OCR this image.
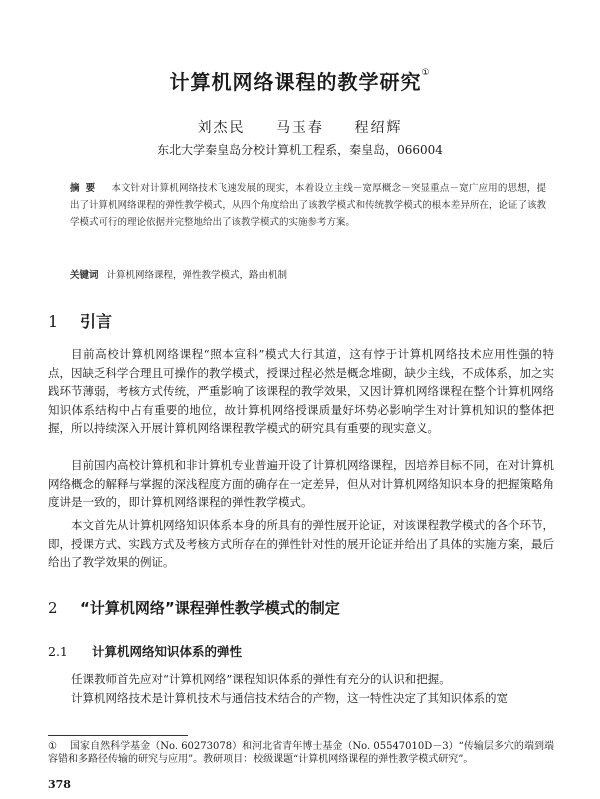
计算机网络课程的教学研究①
刘杰民 马玉春 程绍辉
东北大学秦皇岛分校计算机工程系，秦皇岛，066004
摘要 本文针对计算机网络技术飞速发展的现实，本着设立主线－宽厚概念－突显重点－宽广应用的思想，提出了计算机网络课程的弹性教学模式，从四个角度给出了该教学模式和传统教学模式的根本差异所在，论证了该教学模式可行的理论依据并完整地给出了该教学模式的实施参考方案。
关键词 计算机网络课程，弹性教学模式，路由机制
1 引言
目前高校计算机网络课程“照本宣科”模式大行其道，这有悖于计算机网络技术应用性强的特点，因缺乏科学合理且可操作的教学模式，授课过程必然是概念堆砌，缺少主线，不成体系，加之实践环节薄弱，考核方式传统，严重影响了该课程的教学效果，又因计算机网络课程在整个计算机网络知识体系结构中占有重要的地位，故计算机网络授课质量好坏势必影响学生对计算机知识的整体把握，所以持续深入开展计算机网络课程教学模式的研究具有重要的现实意义。
目前国内高校计算机和非计算机专业普遍开设了计算机网络课程，因培养目标不同，在对计算机网络概念的解释与掌握的深浅程度方面的确存在一定差异，但从对计算机网络知识本身的把握策略角度讲是一致的，即计算机网络课程的弹性教学模式。
本文首先从计算机网络知识体系本身的所具有的弹性展开论证，对该课程教学模式的各个环节，即，授课方式、实践方式及考核方式所存在的弹性针对性的展开论证并给出了具体的实施方案，最后给出了教学效果的例证。
2 “计算机网络”课程弹性教学模式的制定
2.1 计算机网络知识体系的弹性
任课教师首先应对“计算机网络”课程知识体系的弹性有充分的认识和把握。
计算机网络技术是计算机技术与通信技术结合的产物，这一特性决定了其知识体系的宽
① 国家自然科学基金（No. 60273078）和河北省青年博士基金（No. 05547010D－3）“传输层多穴的端到端容错和多路径传输的研究与应用”。教研项目：校级课题“计算机网络课程的弹性教学模式研究”。
378
